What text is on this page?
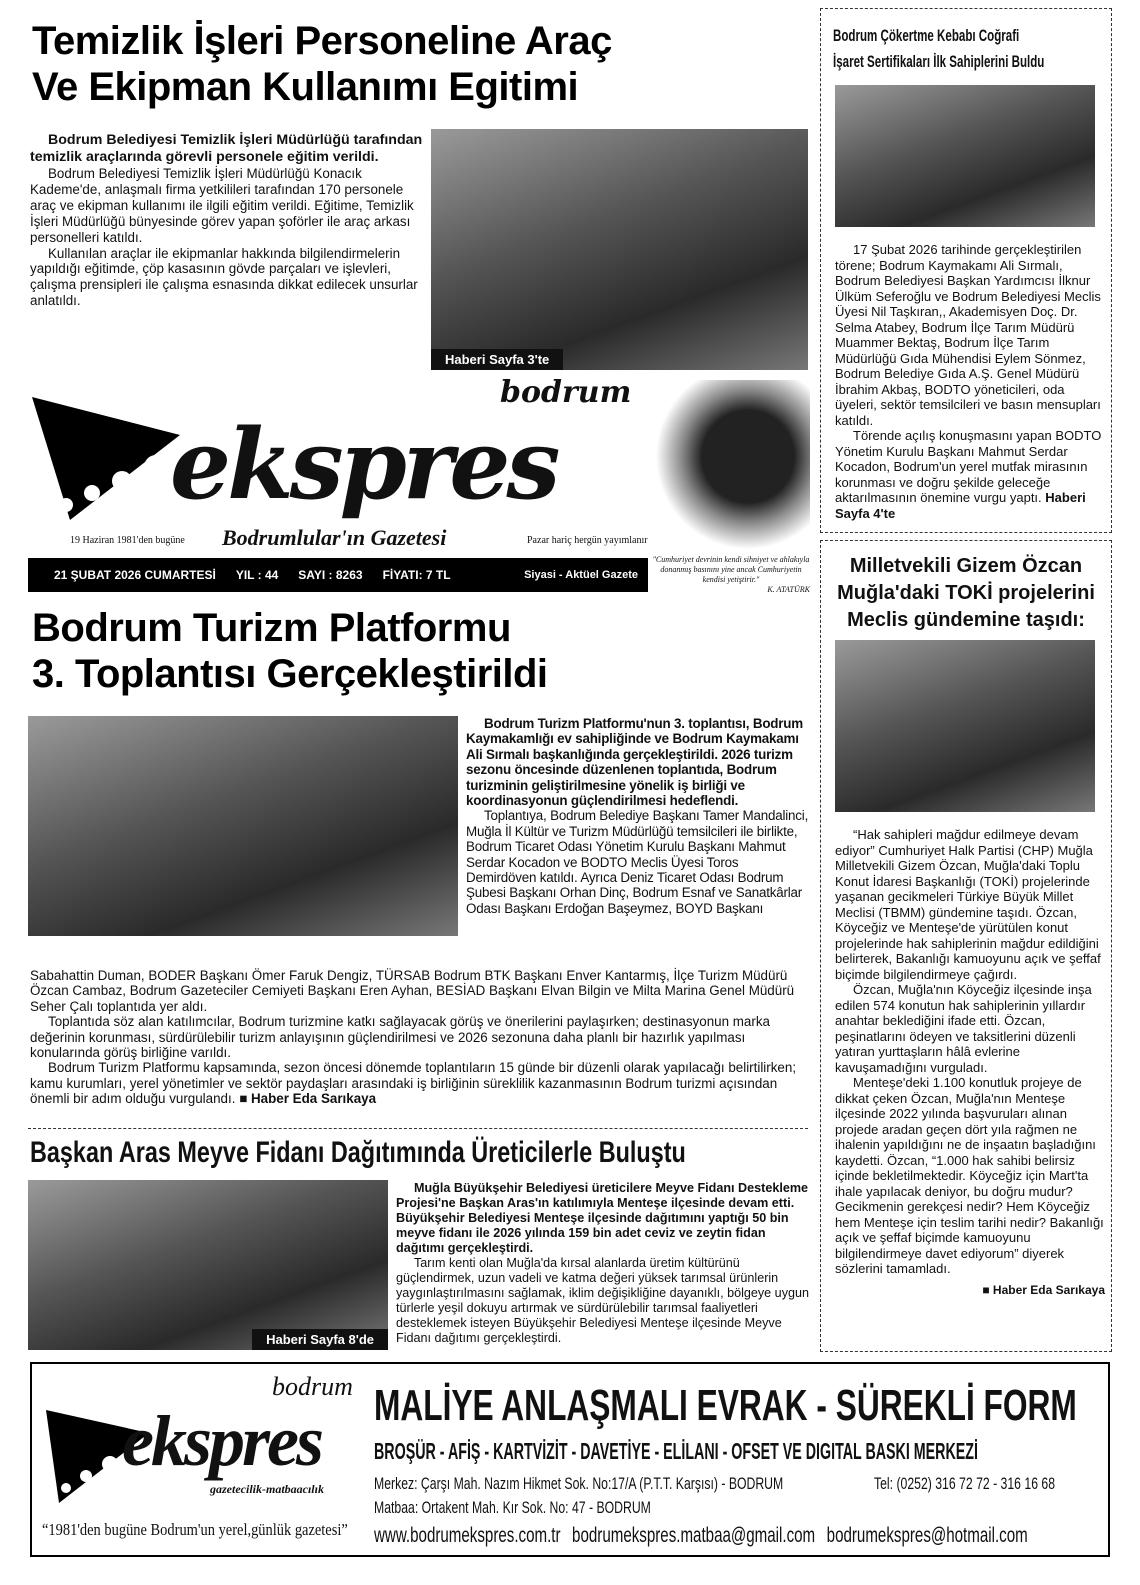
Temizlik İşleri Personeline Araç
Ve Ekipman Kullanımı Egitimi

Bodrum Belediyesi Temizlik İşleri Müdürlüğü tarafından temizlik araçlarında görevli personele eğitim verildi.

Bodrum Belediyesi Temizlik İşleri Müdürlüğü Konacık Kademe'de, anlaşmalı firma yetkilileri tarafından 170 personele araç ve ekipman kullanımı ile ilgili eğitim verildi. Eğitime, Temizlik İşleri Müdürlüğü bünyesinde görev yapan şoförler ile araç arkası personelleri katıldı.

Kullanılan araçlar ile ekipmanlar hakkında bilgilendirmelerin yapıldığı eğitimde, çöp kasasının gövde parçaları ve işlevleri, çalışma prensipleri ile çalışma esnasında dikkat edilecek unsurlar anlatıldı.

Haberi Sayfa 3'te
bodrum
ekspres
19 Haziran 1981'den bugüne Bodrumlular'ın Gazetesi	Pazar hariç hergün yayımlanır
21 ŞUBAT 2026 CUMARTESİ YIL : 44 SAYI : 8263 FİYATI: 7 TL	Siyasi - Aktüel Gazete
"Cumhuriyet devrinin kendi sihniyet ve ahlakıyla donanmış basınını yine ancak Cumhuriyetin kendisi yetiştirir."
K. ATATÜRK
Bodrum Turizm Platformu
3. Toplantısı Gerçekleştirildi

Bodrum Turizm Platformu'nun 3. toplantısı, Bodrum Kaymakamlığı ev sahipliğinde ve Bodrum Kaymakamı Ali Sırmalı başkanlığında gerçekleştirildi. 2026 turizm sezonu öncesinde düzenlenen toplantıda, Bodrum turizminin geliştirilmesine yönelik iş birliği ve koordinasyonun güçlendirilmesi hedeflendi.

Toplantıya, Bodrum Belediye Başkanı Tamer Mandalinci, Muğla İl Kültür ve Turizm Müdürlüğü temsilcileri ile birlikte, Bodrum Ticaret Odası Yönetim Kurulu Başkanı Mahmut Serdar Kocadon ve BODTO Meclis Üyesi Toros Demirdöven katıldı. Ayrıca Deniz Ticaret Odası Bodrum Şubesi Başkanı Orhan Dinç, Bodrum Esnaf ve Sanatkârlar Odası Başkanı Erdoğan Başeymez, BOYD Başkanı

Sabahattin Duman, BODER Başkanı Ömer Faruk Dengiz, TÜRSAB Bodrum BTK Başkanı Enver Kantarmış, İlçe Turizm Müdürü Özcan Cambaz, Bodrum Gazeteciler Cemiyeti Başkanı Eren Ayhan, BESİAD Başkanı Elvan Bilgin ve Milta Marina Genel Müdürü Seher Çalı toplantıda yer aldı.

Toplantıda söz alan katılımcılar, Bodrum turizmine katkı sağlayacak görüş ve önerilerini paylaşırken; destinasyonun marka değerinin korunması, sürdürülebilir turizm anlayışının güçlendirilmesi ve 2026 sezonuna daha planlı bir hazırlık yapılması konularında görüş birliğine varıldı.

Bodrum Turizm Platformu kapsamında, sezon öncesi dönemde toplantıların 15 günde bir düzenli olarak yapılacağı belirtilirken; kamu kurumları, yerel yönetimler ve sektör paydaşları arasındaki iş birliğinin süreklilik kazanmasının Bodrum turizmi açısından önemli bir adım olduğu vurgulandı. ■ Haber Eda Sarıkaya

Başkan Aras Meyve Fidanı Dağıtımında Üreticilerle Buluştu
Haberi Sayfa 8'de

Muğla Büyükşehir Belediyesi üreticilere Meyve Fidanı Destekleme Projesi'ne Başkan Aras'ın katılımıyla Menteşe ilçesinde devam etti. Büyükşehir Belediyesi Menteşe ilçesinde dağıtımını yaptığı 50 bin meyve fidanı ile 2026 yılında 159 bin adet ceviz ve zeytin fidan dağıtımı gerçekleştirdi.

Tarım kenti olan Muğla'da kırsal alanlarda üretim kültürünü güçlendirmek, uzun vadeli ve katma değeri yüksek tarımsal ürünlerin yaygınlaştırılmasını sağlamak, iklim değişikliğine dayanıklı, bölgeye uygun türlerle yeşil dokuyu artırmak ve sürdürülebilir tarımsal faaliyetleri desteklemek isteyen Büyükşehir Belediyesi Menteşe ilçesinde Meyve Fidanı dağıtımı gerçekleştirdi.

Bodrum Çökertme Kebabı Coğrafi
İşaret Sertifikaları İlk Sahiplerini Buldu

17 Şubat 2026 tarihinde gerçekleştirilen törene; Bodrum Kaymakamı Ali Sırmalı, Bodrum Belediyesi Başkan Yardımcısı İlknur Ülküm Seferoğlu ve Bodrum Belediyesi Meclis Üyesi Nil Taşkıran,, Akademisyen Doç. Dr. Selma Atabey, Bodrum İlçe Tarım Müdürü Muammer Bektaş, Bodrum İlçe Tarım Müdürlüğü Gıda Mühendisi Eylem Sönmez, Bodrum Belediye Gıda A.Ş. Genel Müdürü İbrahim Akbaş, BODTO yöneticileri, oda üyeleri, sektör temsilcileri ve basın mensupları katıldı.

Törende açılış konuşmasını yapan BODTO Yönetim Kurulu Başkanı Mahmut Serdar Kocadon, Bodrum'un yerel mutfak mirasının korunması ve doğru şekilde geleceğe aktarılmasının önemine vurgu yaptı. Haberi Sayfa 4'te

Milletvekili Gizem Özcan Muğla'daki TOKİ projelerini Meclis gündemine taşıdı:

“Hak sahipleri mağdur edilmeye devam ediyor” Cumhuriyet Halk Partisi (CHP) Muğla Milletvekili Gizem Özcan, Muğla'daki Toplu Konut İdaresi Başkanlığı (TOKİ) projelerinde yaşanan gecikmeleri Türkiye Büyük Millet Meclisi (TBMM) gündemine taşıdı. Özcan, Köyceğiz ve Menteşe'de yürütülen konut projelerinde hak sahiplerinin mağdur edildiğini belirterek, Bakanlığı kamuoyunu açık ve şeffaf biçimde bilgilendirmeye çağırdı.

Özcan, Muğla'nın Köyceğiz ilçesinde inşa edilen 574 konutun hak sahiplerinin yıllardır anahtar beklediğini ifade etti. Özcan, peşinatlarını ödeyen ve taksitlerini düzenli yatıran yurttaşların hâlâ evlerine kavuşamadığını vurguladı.

Menteşe'deki 1.100 konutluk projeye de dikkat çeken Özcan, Muğla'nın Menteşe ilçesinde 2022 yılında başvuruları alınan projede aradan geçen dört yıla rağmen ne ihalenin yapıldığını ne de inşaatın başladığını kaydetti. Özcan, “1.000 hak sahibi belirsiz içinde bekletilmektedir. Köyceğiz için Mart'ta ihale yapılacak deniyor, bu doğru mudur? Gecikmenin gerekçesi nedir? Hem Köyceğiz hem Menteşe için teslim tarihi nedir? Bakanlığı açık ve şeffaf biçimde kamuoyunu bilgilendirmeye davet ediyorum” diyerek sözlerini tamamladı.

■ Haber Eda Sarıkaya

bodrum
ekspres
gazetecilik-matbaacılık
“1981'den bugüne Bodrum'un yerel,günlük gazetesi”
MALİYE ANLAŞMALI EVRAK - SÜREKLİ FORM
BROŞÜR - AFİŞ - KARTVİZİT - DAVETİYE - ELİLANI - OFSET VE DIGITAL BASKI MERKEZİ
Merkez: Çarşı Mah. Nazım Hikmet Sok. No:17/A (P.T.T. Karşısı) - BODRUM	Tel: (0252) 316 72 72 - 316 16 68
Matbaa: Ortakent Mah. Kır Sok. No: 47 - BODRUM
www.bodrumekspres.com.tr bodrumekspres.matbaa@gmail.com bodrumekspres@hotmail.com
